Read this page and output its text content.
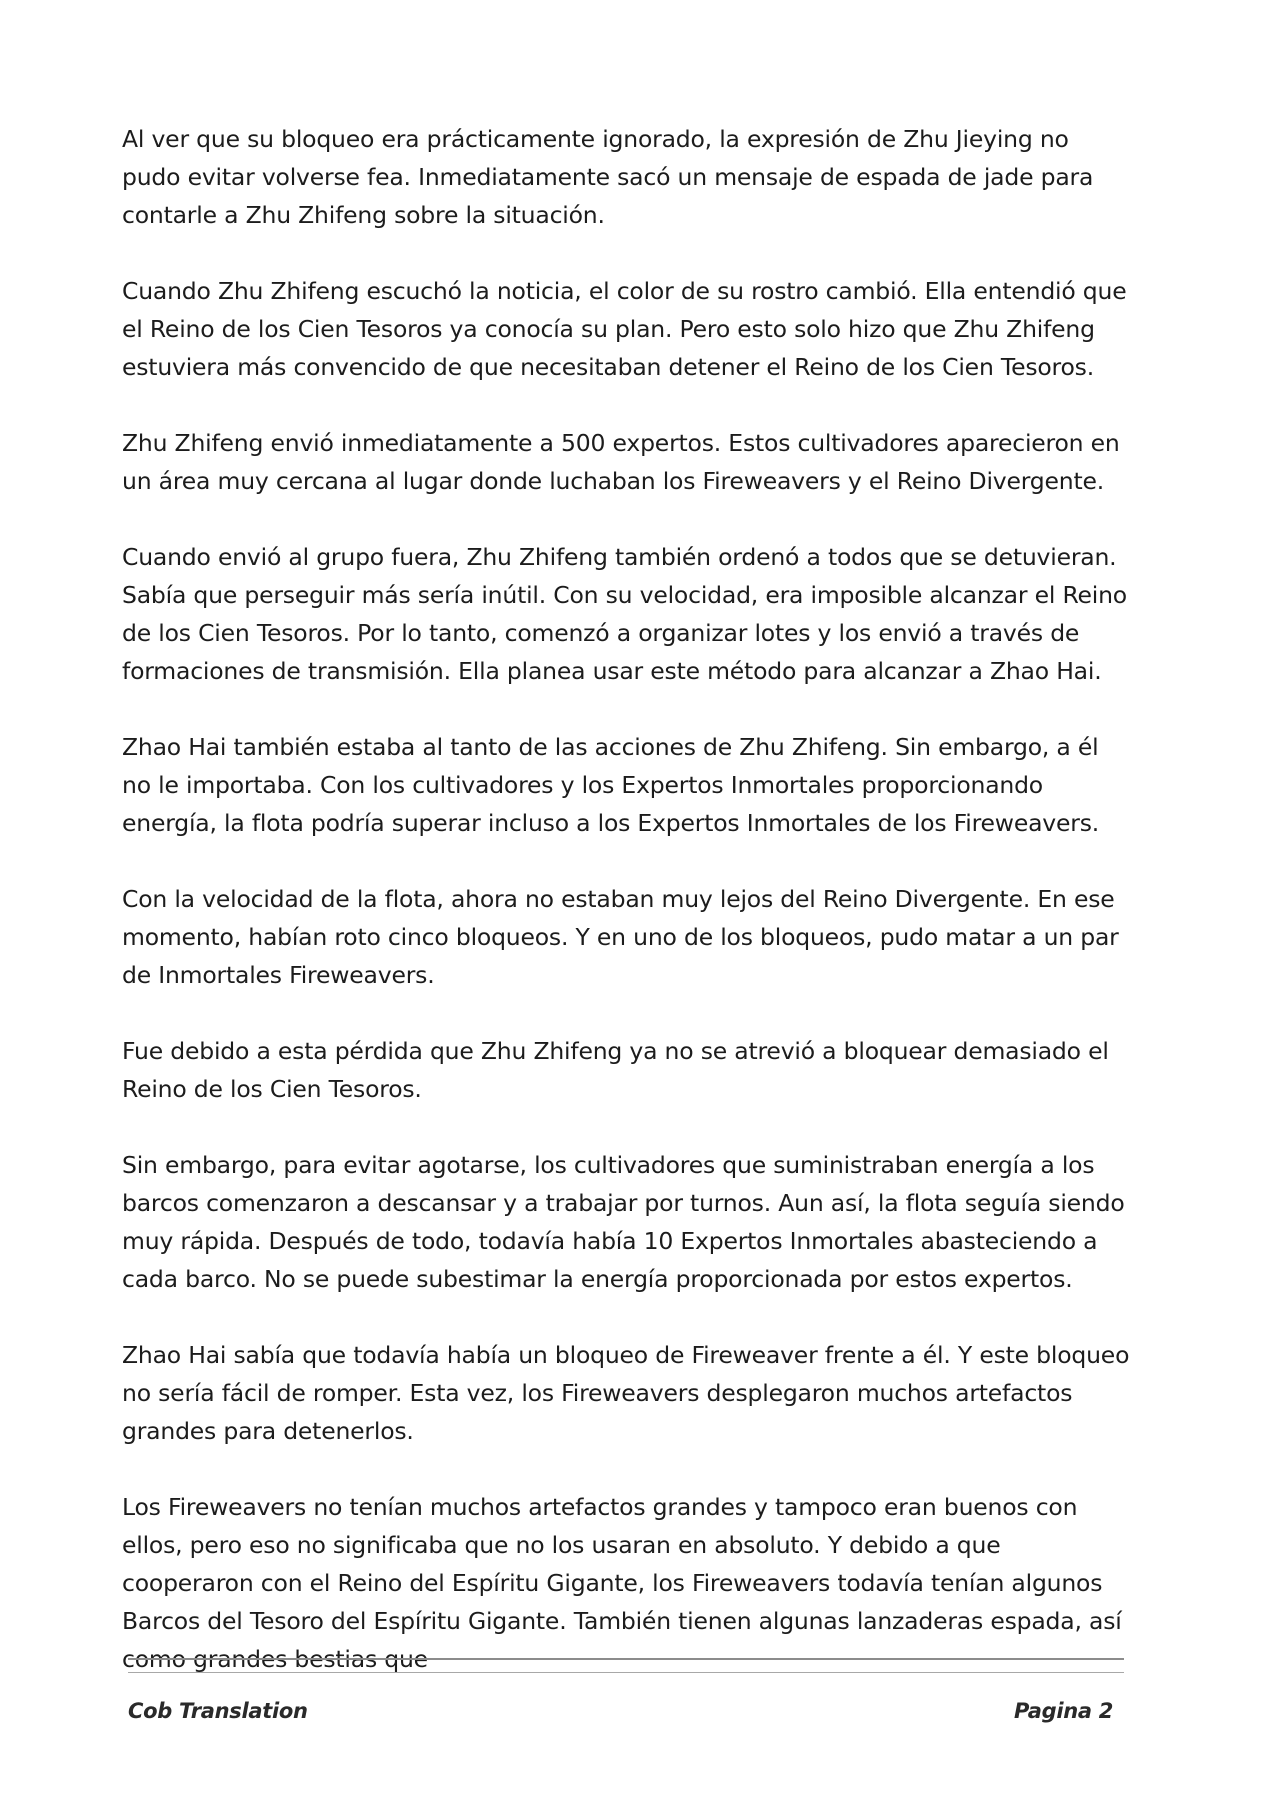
Al ver que su bloqueo era prácticamente ignorado, la expresión de Zhu Jieying no pudo evitar volverse fea. Inmediatamente sacó un mensaje de espada de jade para contarle a Zhu Zhifeng sobre la situación.

Cuando Zhu Zhifeng escuchó la noticia, el color de su rostro cambió. Ella entendió que el Reino de los Cien Tesoros ya conocía su plan. Pero esto solo hizo que Zhu Zhifeng estuviera más convencido de que necesitaban detener el Reino de los Cien Tesoros.

Zhu Zhifeng envió inmediatamente a 500 expertos. Estos cultivadores aparecieron en un área muy cercana al lugar donde luchaban los Fireweavers y el Reino Divergente.

Cuando envió al grupo fuera, Zhu Zhifeng también ordenó a todos que se detuvieran. Sabía que perseguir más sería inútil. Con su velocidad, era imposible alcanzar el Reino de los Cien Tesoros. Por lo tanto, comenzó a organizar lotes y los envió a través de formaciones de transmisión. Ella planea usar este método para alcanzar a Zhao Hai.

Zhao Hai también estaba al tanto de las acciones de Zhu Zhifeng. Sin embargo, a él no le importaba. Con los cultivadores y los Expertos Inmortales proporcionando energía, la flota podría superar incluso a los Expertos Inmortales de los Fireweavers.

Con la velocidad de la flota, ahora no estaban muy lejos del Reino Divergente. En ese momento, habían roto cinco bloqueos. Y en uno de los bloqueos, pudo matar a un par de Inmortales Fireweavers.

Fue debido a esta pérdida que Zhu Zhifeng ya no se atrevió a bloquear demasiado el Reino de los Cien Tesoros.

Sin embargo, para evitar agotarse, los cultivadores que suministraban energía a los barcos comenzaron a descansar y a trabajar por turnos. Aun así, la flota seguía siendo muy rápida. Después de todo, todavía había 10 Expertos Inmortales abasteciendo a cada barco. No se puede subestimar la energía proporcionada por estos expertos.

Zhao Hai sabía que todavía había un bloqueo de Fireweaver frente a él. Y este bloqueo no sería fácil de romper. Esta vez, los Fireweavers desplegaron muchos artefactos grandes para detenerlos.

Los Fireweavers no tenían muchos artefactos grandes y tampoco eran buenos con ellos, pero eso no significaba que no los usaran en absoluto. Y debido a que cooperaron con el Reino del Espíritu Gigante, los Fireweavers todavía tenían algunos Barcos del Tesoro del Espíritu Gigante. También tienen algunas lanzaderas espada, así como grandes bestias que

Cob Translation	Pagina 2
